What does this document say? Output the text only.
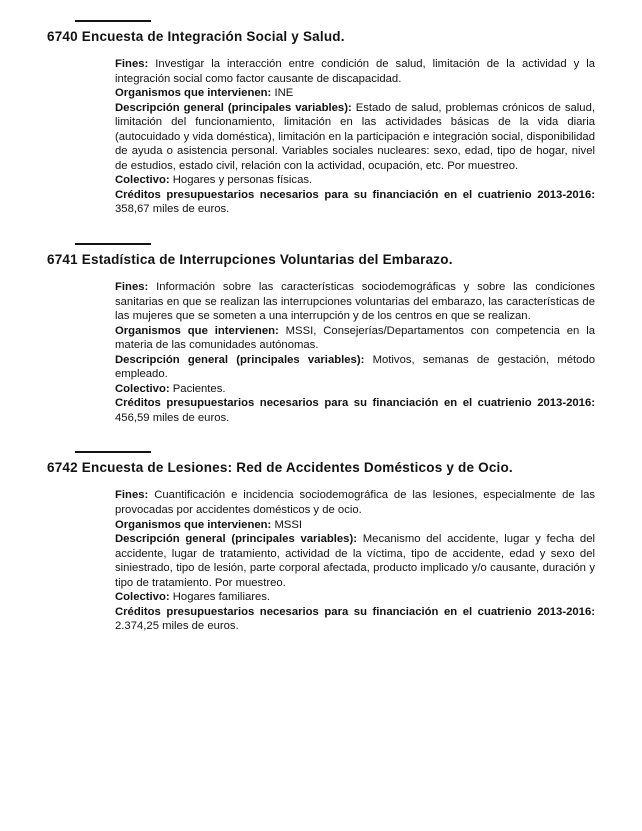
6740 Encuesta de Integración Social y Salud.

Fines: Investigar la interacción entre condición de salud, limitación de la actividad y la integración social como factor causante de discapacidad.

Organismos que intervienen: INE

Descripción general (principales variables): Estado de salud, problemas crónicos de salud, limitación del funcionamiento, limitación en las actividades básicas de la vida diaria (autocuidado y vida doméstica), limitación en la participación e integración social, disponibilidad de ayuda o asistencia personal. Variables sociales nucleares: sexo, edad, tipo de hogar, nivel de estudios, estado civil, relación con la actividad, ocupación, etc. Por muestreo.

Colectivo: Hogares y personas físicas.

Créditos presupuestarios necesarios para su financiación en el cuatrienio 2013-2016: 358,67 miles de euros.

6741 Estadística de Interrupciones Voluntarias del Embarazo.

Fines: Información sobre las características sociodemográficas y sobre las condiciones sanitarias en que se realizan las interrupciones voluntarias del embarazo, las características de las mujeres que se someten a una interrupción y de los centros en que se realizan.

Organismos que intervienen: MSSI, Consejerías/Departamentos con competencia en la materia de las comunidades autónomas.

Descripción general (principales variables): Motivos, semanas de gestación, método empleado.

Colectivo: Pacientes.

Créditos presupuestarios necesarios para su financiación en el cuatrienio 2013-2016: 456,59 miles de euros.

6742 Encuesta de Lesiones: Red de Accidentes Domésticos y de Ocio.

Fines: Cuantificación e incidencia sociodemográfica de las lesiones, especialmente de las provocadas por accidentes domésticos y de ocio.

Organismos que intervienen: MSSI

Descripción general (principales variables): Mecanismo del accidente, lugar y fecha del accidente, lugar de tratamiento, actividad de la víctima, tipo de accidente, edad y sexo del siniestrado, tipo de lesión, parte corporal afectada, producto implicado y/o causante, duración y tipo de tratamiento. Por muestreo.

Colectivo: Hogares familiares.

Créditos presupuestarios necesarios para su financiación en el cuatrienio 2013-2016: 2.374,25 miles de euros.
